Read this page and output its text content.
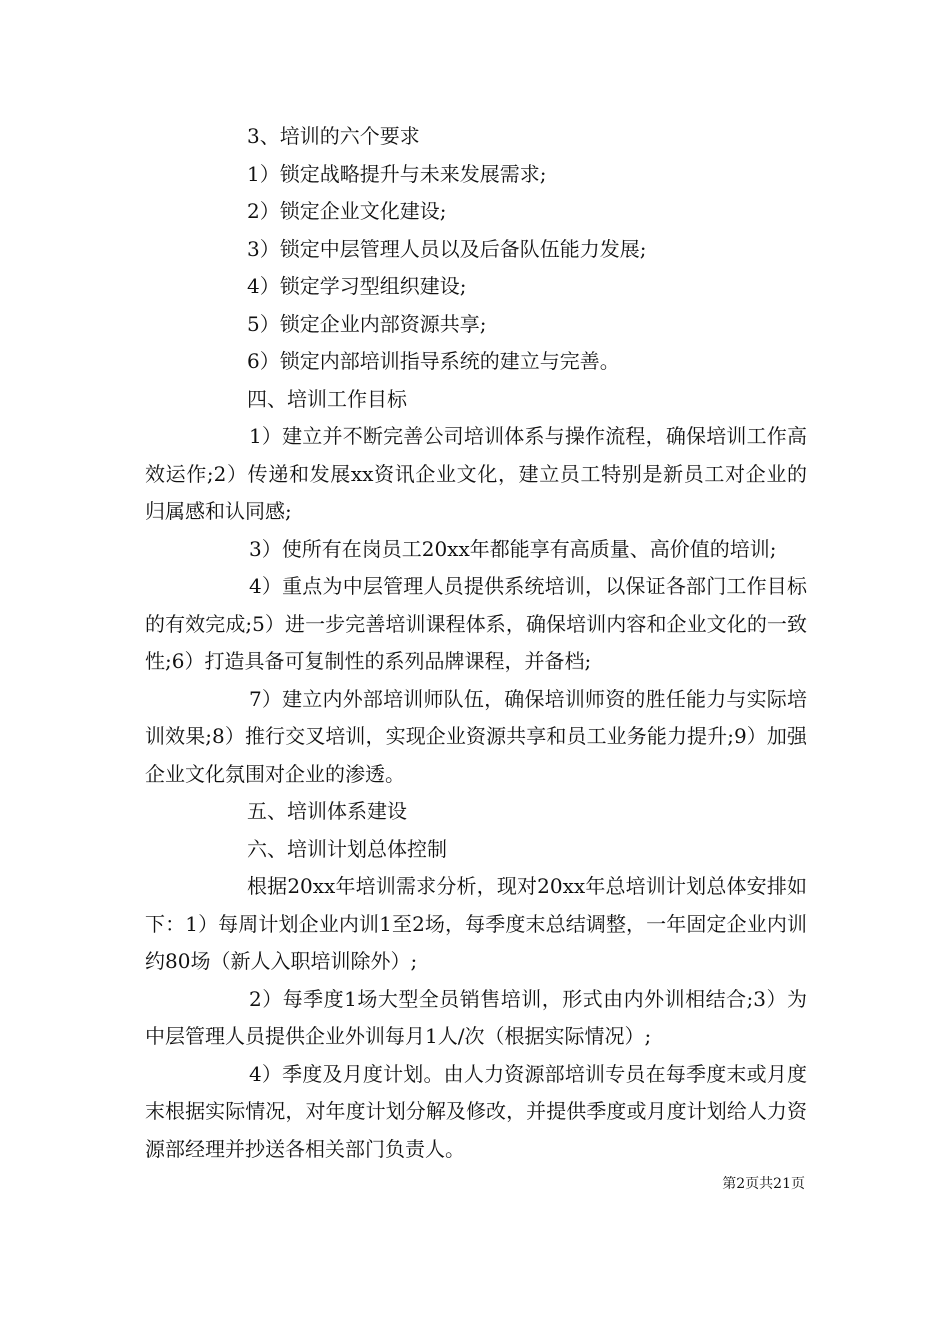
3、培训的六个要求

1）锁定战略提升与未来发展需求;

2）锁定企业文化建设;

3）锁定中层管理人员以及后备队伍能力发展;

4）锁定学习型组织建设;

5）锁定企业内部资源共享;

6）锁定内部培训指导系统的建立与完善。

四、培训工作目标

1）建立并不断完善公司培训体系与操作流程，确保培训工作高效运作;2）传递和发展xx资讯企业文化，建立员工特别是新员工对企业的归属感和认同感;

3）使所有在岗员工20xx年都能享有高质量、高价值的培训;

4）重点为中层管理人员提供系统培训，以保证各部门工作目标的有效完成;5）进一步完善培训课程体系，确保培训内容和企业文化的一致性;6）打造具备可复制性的系列品牌课程，并备档;

7）建立内外部培训师队伍，确保培训师资的胜任能力与实际培训效果;8）推行交叉培训，实现企业资源共享和员工业务能力提升;9）加强企业文化氛围对企业的渗透。

五、培训体系建设

六、培训计划总体控制

根据20xx年培训需求分析，现对20xx年总培训计划总体安排如下：1）每周计划企业内训1至2场，每季度末总结调整，一年固定企业内训约80场（新人入职培训除外）;

2）每季度1场大型全员销售培训，形式由内外训相结合;3）为中层管理人员提供企业外训每月1人/次（根据实际情况）;

4）季度及月度计划。由人力资源部培训专员在每季度末或月度末根据实际情况，对年度计划分解及修改，并提供季度或月度计划给人力资源部经理并抄送各相关部门负责人。

第2页共21页
